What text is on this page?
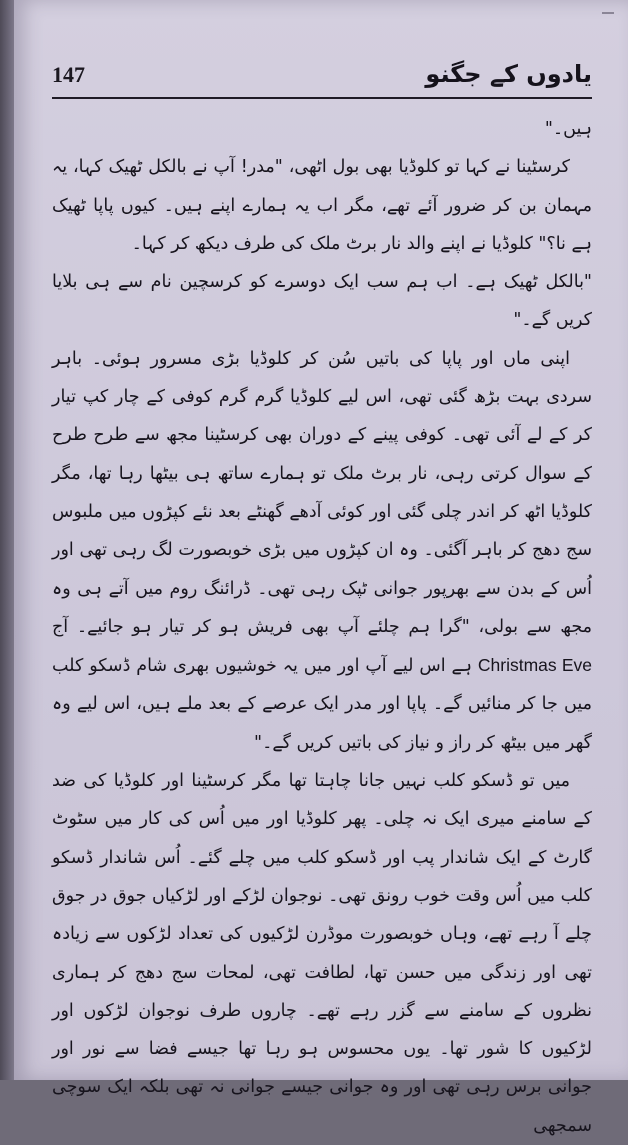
147	یادوں کے جگنو

ہیں۔"

کرسٹینا نے کہا تو کلوڈیا بھی بول اٹھی، "مدر! آپ نے بالکل ٹھیک کہا، یہ مہمان بن کر ضرور آئے تھے، مگر اب یہ ہمارے اپنے ہیں۔ کیوں پاپا ٹھیک ہے نا؟" کلوڈیا نے اپنے والد نار برٹ ملک کی طرف دیکھ کر کہا۔

"بالکل ٹھیک ہے۔ اب ہم سب ایک دوسرے کو کرسچین نام سے ہی بلایا کریں گے۔"

اپنی ماں اور پاپا کی باتیں سُن کر کلوڈیا بڑی مسرور ہوئی۔ باہر سردی بہت بڑھ گئی تھی، اس لیے کلوڈیا گرم گرم کوفی کے چار کپ تیار کر کے لے آئی تھی۔ کوفی پینے کے دوران بھی کرسٹینا مجھ سے طرح طرح کے سوال کرتی رہی، نار برٹ ملک تو ہمارے ساتھ ہی بیٹھا رہا تھا، مگر کلوڈیا اٹھ کر اندر چلی گئی اور کوئی آدھے گھنٹے بعد نئے کپڑوں میں ملبوس سج دھج کر باہر آگئی۔ وہ ان کپڑوں میں بڑی خوبصورت لگ رہی تھی اور اُس کے بدن سے بھرپور جوانی ٹپک رہی تھی۔ ڈرائنگ روم میں آتے ہی وہ مجھ سے بولی، "گرا ہم چلئے آپ بھی فریش ہو کر تیار ہو جائیے۔ آج Christmas Eve ہے اس لیے آپ اور میں یہ خوشیوں بھری شام ڈسکو کلب میں جا کر منائیں گے۔ پاپا اور مدر ایک عرصے کے بعد ملے ہیں، اس لیے وہ گھر میں بیٹھ کر راز و نیاز کی باتیں کریں گے۔"

میں تو ڈسکو کلب نہیں جانا چاہتا تھا مگر کرسٹینا اور کلوڈیا کی ضد کے سامنے میری ایک نہ چلی۔ پھر کلوڈیا اور میں اُس کی کار میں سٹوٹ گارٹ کے ایک شاندار پب اور ڈسکو کلب میں چلے گئے۔ اُس شاندار ڈسکو کلب میں اُس وقت خوب رونق تھی۔ نوجوان لڑکے اور لڑکیاں جوق در جوق چلے آ رہے تھے، وہاں خوبصورت موڈرن لڑکیوں کی تعداد لڑکوں سے زیادہ تھی اور زندگی میں حسن تھا، لطافت تھی، لمحات سج دھج کر ہماری نظروں کے سامنے سے گزر رہے تھے۔ چاروں طرف نوجوان لڑکوں اور لڑکیوں کا شور تھا۔ یوں محسوس ہو رہا تھا جیسے فضا سے نور اور جوانی برس رہی تھی اور وہ جوانی جیسے جوانی نہ تھی بلکہ ایک سوچی سمجھی
